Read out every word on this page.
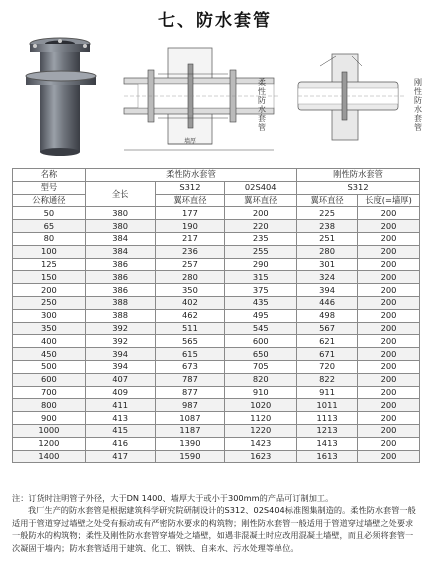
七、防水套管
柔性防水套管
墙厚
刚性防水套管
名称	柔性防水套管			刚性防水套管	
型号	全长	S312	02S404	S312	
公称通径		翼环直径	翼环直径	翼环直径	长度(=墙厚)
50	380	177	200	225	200
65	380	190	220	238	200
80	384	217	235	251	200
100	384	236	255	280	200
125	386	257	290	301	200
150	386	280	315	324	200
200	386	350	375	394	200
250	388	402	435	446	200
300	388	462	495	498	200
350	392	511	545	567	200
400	392	565	600	621	200
450	394	615	650	671	200
500	394	673	705	720	200
600	407	787	820	822	200
700	409	877	910	911	200
800	411	987	1020	1011	200
900	413	1087	1120	1113	200
1000	415	1187	1220	1213	200
1200	416	1390	1423	1413	200
1400	417	1590	1623	1613	200

注：订货时注明管子外径，大于DN 1400、墙厚大于或小于300mm的产品可订制加工。

我厂生产的防水套管是根据建筑科学研究院研制设计的S312、02S404标准图集制造的。柔性防水套管一般适用于管道穿过墙壁之处受有振动或有严密防水要求的构筑物；刚性防水套管一般适用于管道穿过墙壁之处要求一般防水的构筑物；柔性及刚性防水套管穿墙处之墙壁，如遇非混凝土时应改用混凝土墙壁，而且必须将套管一次凝固于墙内；防水套管适用于建筑、化工、钢铁、自来水、污水处理等单位。
